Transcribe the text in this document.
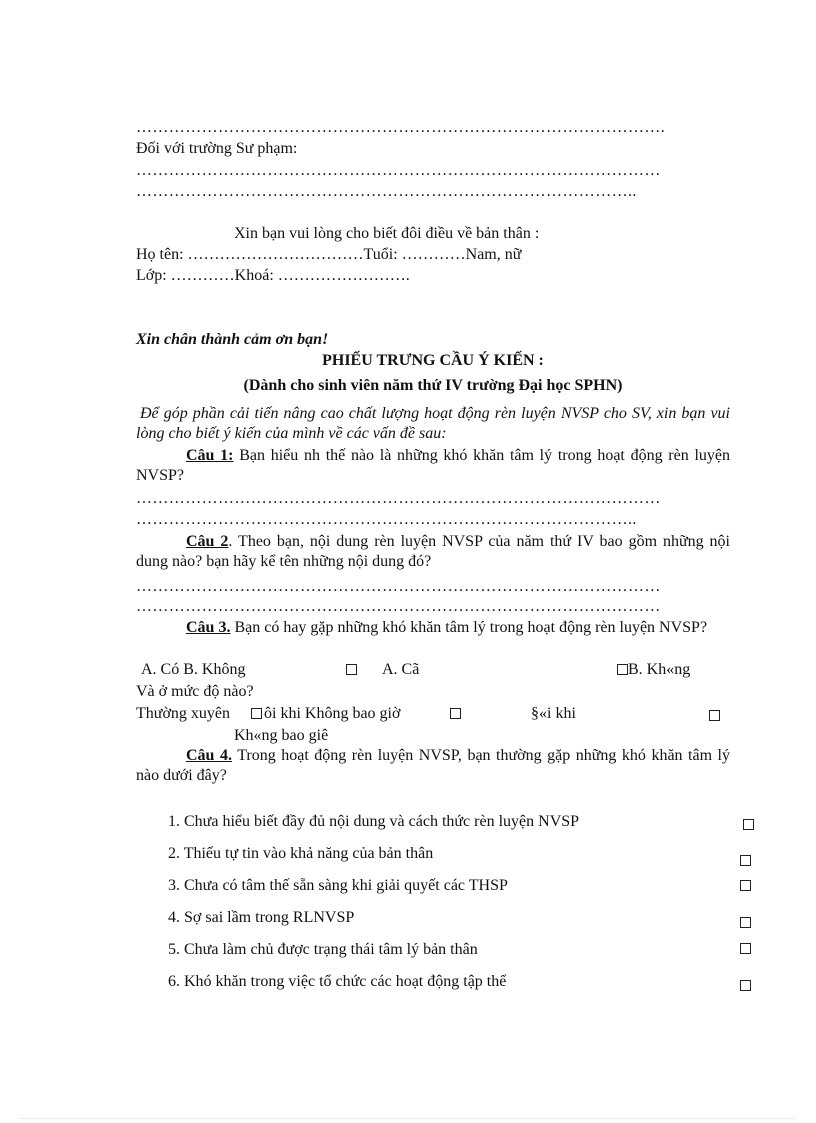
…………………………………………………………………………………….
Đối với trường Sư phạm:
……………………………………………………………………………………
………………………………………………………………………………..
Xin bạn vui lòng cho biết đôi điều về bản thân :
Họ tên: ……………………………Tuổi: …………Nam, nữ
Lớp: …………Khoá: …………………….
Xin chân thành cảm ơn bạn!
PHIẾU TRƯNG CẦU Ý KIẾN :
(Dành cho sinh viên năm thứ IV trường Đại học SPHN)
Để góp phần cải tiến nâng cao chất lượng hoạt động rèn luyện NVSP cho SV, xin bạn vui lòng cho biết ý kiến của mình về các vấn đề sau:
Câu 1: Bạn hiểu nh thế nào là những khó khăn tâm lý trong hoạt động rèn luyện NVSP?
……………………………………………………………………………………
………………………………………………………………………………..
Câu 2. Theo bạn, nội dung rèn luyện NVSP của năm thứ IV bao gồm những nội dung nào? bạn hãy kể tên những nội dung đó?
……………………………………………………………………………………
……………………………………………………………………………………
Câu 3. Bạn có hay gặp những khó khăn tâm lý trong hoạt động rèn luyện NVSP?
A. Có B. Không	A. Cã	B. Kh«ng
Và ở mức độ nào?
Thường xuyên ôi khi Không bao giờ	§«i khi
Kh«ng bao giê
Câu 4. Trong hoạt động rèn luyện NVSP, bạn thường gặp những khó khăn tâm lý nào dưới đây?
1. Chưa hiểu biết đầy đủ nội dung và cách thức rèn luyện NVSP
2. Thiếu tự tin vào khả năng của bản thân
3. Chưa có tâm thế sẵn sàng khi giải quyết các THSP
4. Sợ sai lầm trong RLNVSP
5. Chưa làm chủ được trạng thái tâm lý bản thân
6. Khó khăn trong việc tổ chức các hoạt động tập thể
